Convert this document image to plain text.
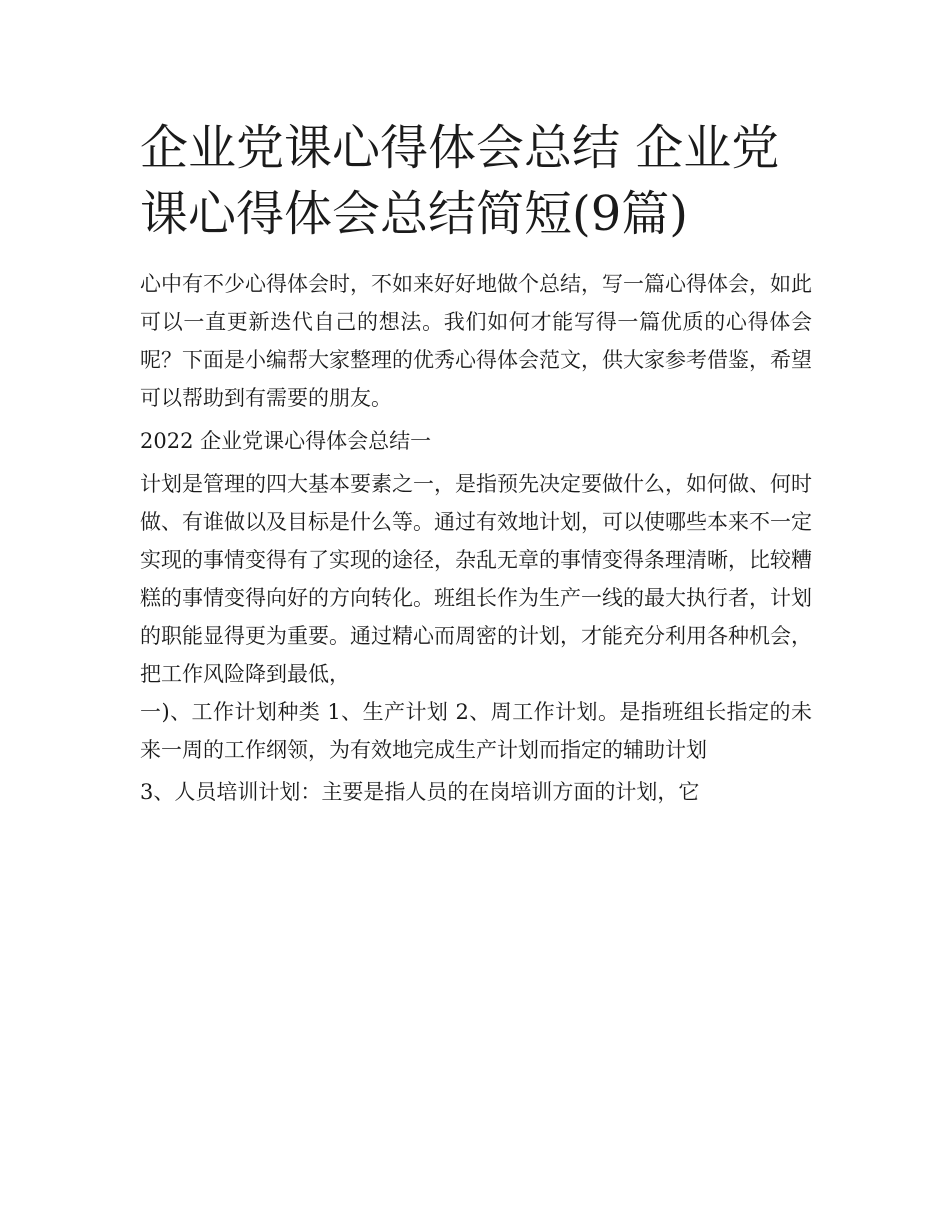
企业党课心得体会总结 企业党课心得体会总结简短(9篇)

心中有不少心得体会时，不如来好好地做个总结，写一篇心得体会，如此可以一直更新迭代自己的想法。我们如何才能写得一篇优质的心得体会呢？下面是小编帮大家整理的优秀心得体会范文，供大家参考借鉴，希望可以帮助到有需要的朋友。

2022 企业党课心得体会总结一

计划是管理的四大基本要素之一，是指预先决定要做什么，如何做、何时做、有谁做以及目标是什么等。通过有效地计划，可以使哪些本来不一定实现的事情变得有了实现的途径，杂乱无章的事情变得条理清晰，比较糟糕的事情变得向好的方向转化。班组长作为生产一线的最大执行者，计划的职能显得更为重要。通过精心而周密的计划，才能充分利用各种机会，把工作风险降到最低，

一)、工作计划种类 1、生产计划 2、周工作计划。是指班组长指定的未来一周的工作纲领，为有效地完成生产计划而指定的辅助计划

3、人员培训计划：主要是指人员的在岗培训方面的计划，它
